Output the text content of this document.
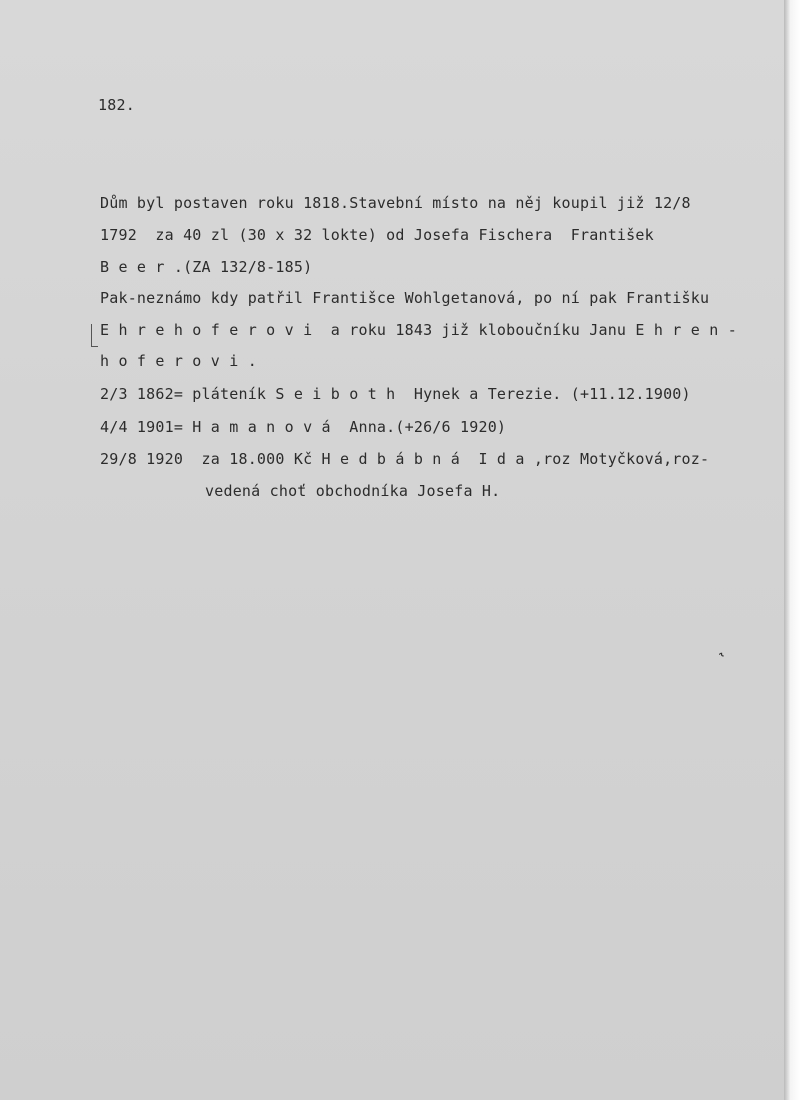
182.
Dům byl postaven roku 1818.Stavební místo na něj koupil již 12/8
1792  za 40 zl (30 x 32 lokte) od Josefa Fischera  František
B e e r .(ZA 132/8-185)
Pak-neznámo kdy patřil Františce Wohlgetanová, po ní pak Františku
E h r e h o f e r o v i  a roku 1843 již kloboučníku Janu E h r e n -
h o f e r o v i .
2/3 1862= pláteník S e i b o t h  Hynek a Terezie. (+11.12.1900)
4/4 1901= H a m a n o v á  Anna.(+26/6 1920)
29/8 1920  za 18.000 Kč H e d b á b n á  I d a ,roz Motyčková,roz-
vedená choť obchodníka Josefa H.
˞
